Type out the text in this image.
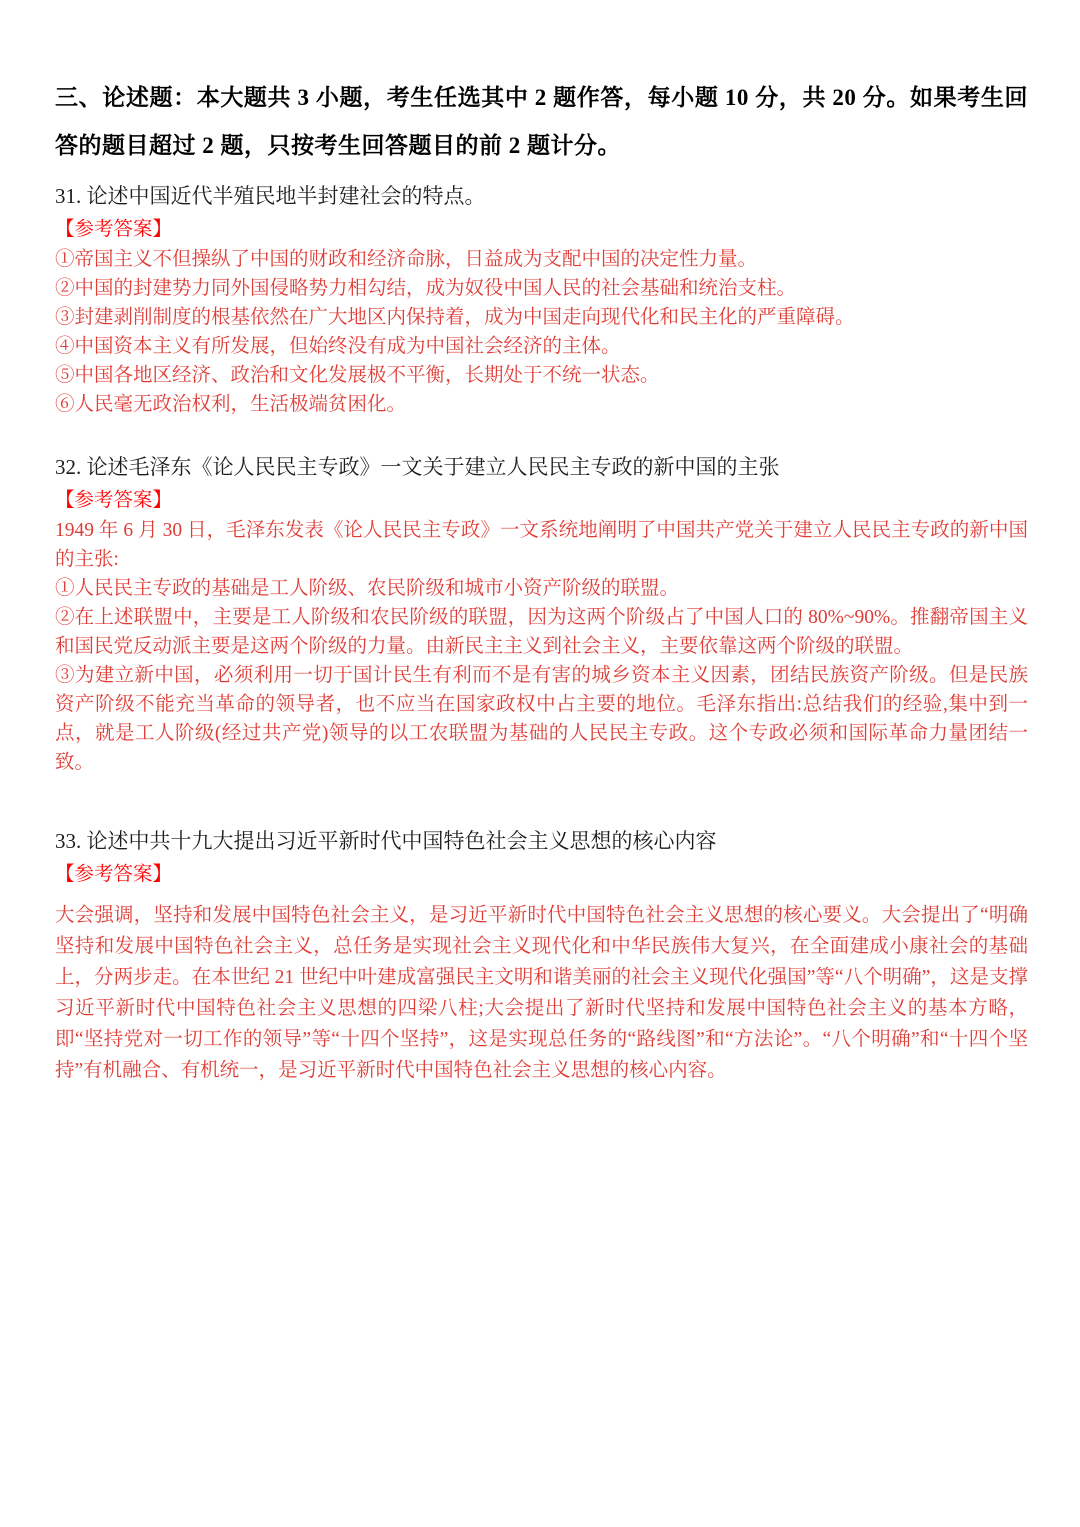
三、论述题：本大题共 3 小题，考生任选其中 2 题作答，每小题 10 分，共 20 分。如果考生回答的题目超过 2 题，只按考生回答题目的前 2 题计分。

31. 论述中国近代半殖民地半封建社会的特点。

【参考答案】

①帝国主义不但操纵了中国的财政和经济命脉，日益成为支配中国的决定性力量。

②中国的封建势力同外国侵略势力相勾结，成为奴役中国人民的社会基础和统治支柱。

③封建剥削制度的根基依然在广大地区内保持着，成为中国走向现代化和民主化的严重障碍。

④中国资本主义有所发展，但始终没有成为中国社会经济的主体。

⑤中国各地区经济、政治和文化发展极不平衡，长期处于不统一状态。

⑥人民毫无政治权利，生活极端贫困化。

32. 论述毛泽东《论人民民主专政》一文关于建立人民民主专政的新中国的主张

【参考答案】

1949 年 6 月 30 日，毛泽东发表《论人民民主专政》一文系统地阐明了中国共产党关于建立人民民主专政的新中国的主张:

①人民民主专政的基础是工人阶级、农民阶级和城市小资产阶级的联盟。

②在上述联盟中，主要是工人阶级和农民阶级的联盟，因为这两个阶级占了中国人口的 80%~90%。推翻帝国主义和国民党反动派主要是这两个阶级的力量。由新民主主义到社会主义，主要依靠这两个阶级的联盟。

③为建立新中国，必须利用一切于国计民生有利而不是有害的城乡资本主义因素，团结民族资产阶级。但是民族资产阶级不能充当革命的领导者，也不应当在国家政权中占主要的地位。毛泽东指出:总结我们的经验,集中到一点，就是工人阶级(经过共产党)领导的以工农联盟为基础的人民民主专政。这个专政必须和国际革命力量团结一致。

33. 论述中共十九大提出习近平新时代中国特色社会主义思想的核心内容

【参考答案】

大会强调，坚持和发展中国特色社会主义，是习近平新时代中国特色社会主义思想的核心要义。大会提出了“明确坚持和发展中国特色社会主义，总任务是实现社会主义现代化和中华民族伟大复兴，在全面建成小康社会的基础上，分两步走。在本世纪 21 世纪中叶建成富强民主文明和谐美丽的社会主义现代化强国”等“八个明确”，这是支撑习近平新时代中国特色社会主义思想的四梁八柱;大会提出了新时代坚持和发展中国特色社会主义的基本方略，即“坚持党对一切工作的领导”等“十四个坚持”，这是实现总任务的“路线图”和“方法论”。“八个明确”和“十四个坚持”有机融合、有机统一，是习近平新时代中国特色社会主义思想的核心内容。
